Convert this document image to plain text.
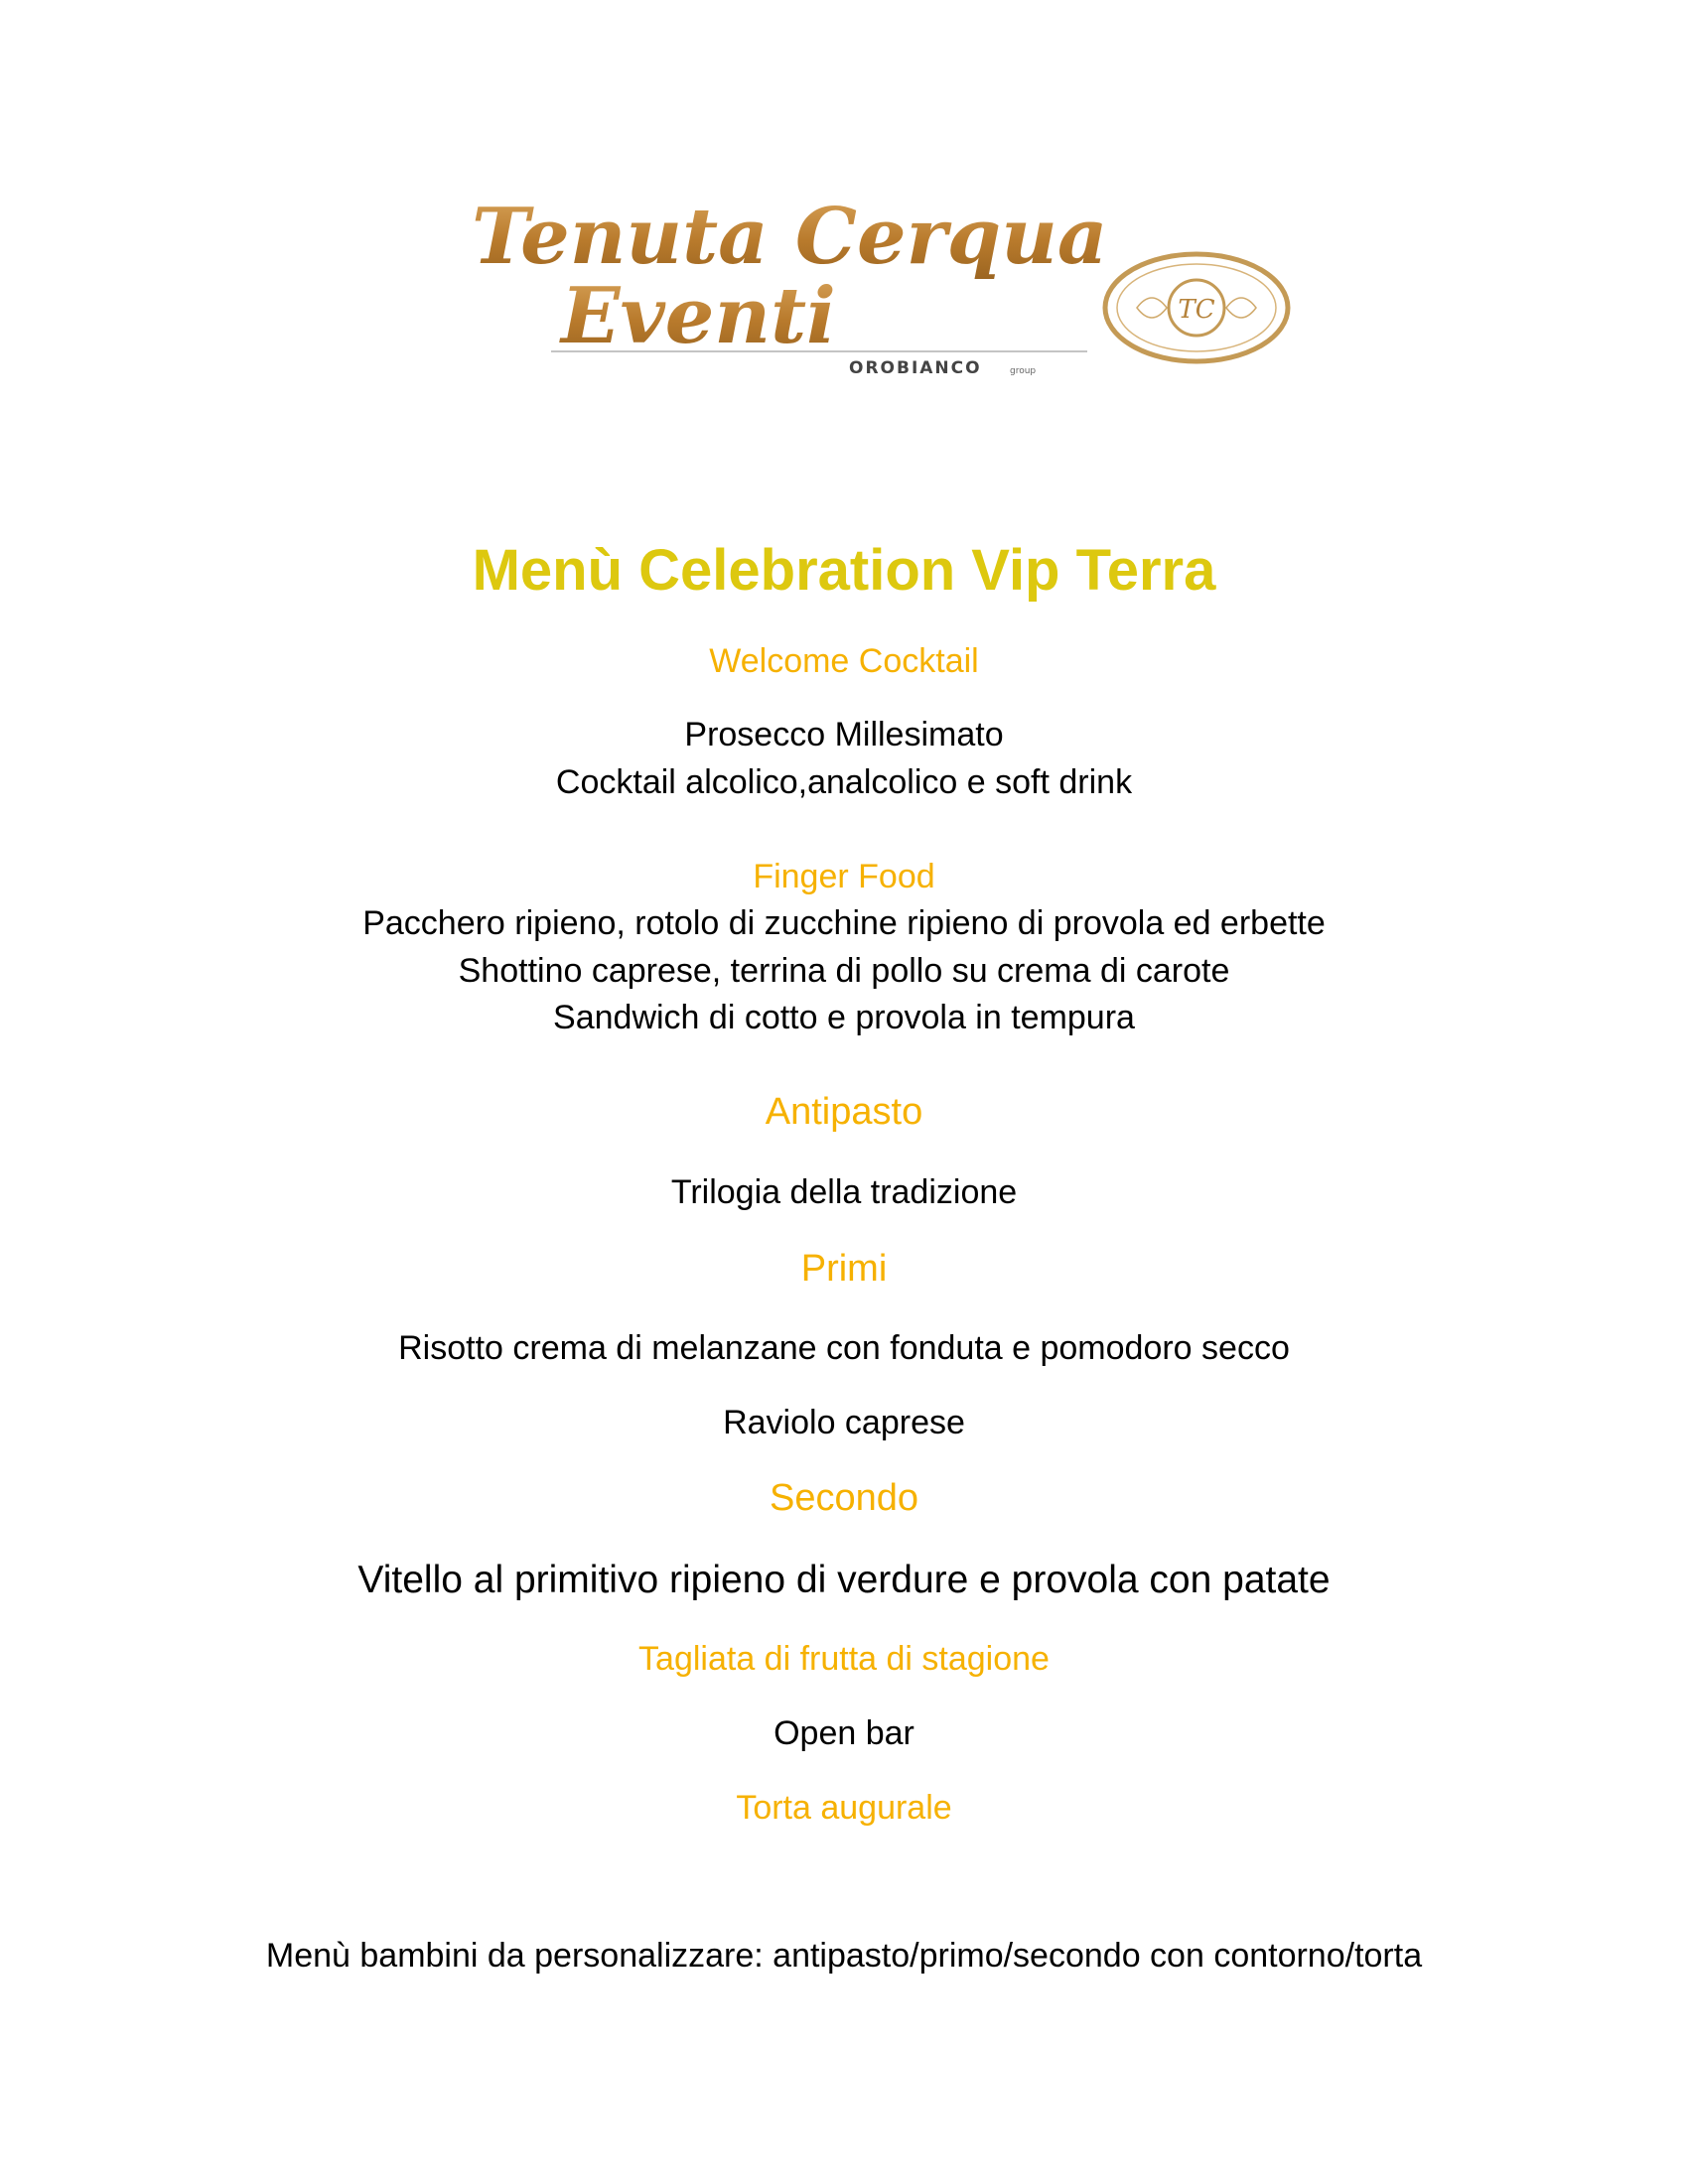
Tenuta Cerqua
Eventi
OROBIANCO	group
TC
Menù Celebration Vip Terra
Welcome Cocktail
Prosecco Millesimato
Cocktail alcolico,analcolico e soft drink
Finger Food
Pacchero ripieno, rotolo di zucchine ripieno di provola ed erbette
Shottino caprese, terrina di pollo su crema di carote
Sandwich di cotto e provola in tempura
Antipasto
Trilogia della tradizione
Primi
Risotto crema di melanzane con fonduta e pomodoro secco
Raviolo caprese
Secondo
Vitello al primitivo ripieno di verdure e provola con patate
Tagliata di frutta di stagione
Open bar
Torta augurale
Menù bambini da personalizzare: antipasto/primo/secondo con contorno/torta
